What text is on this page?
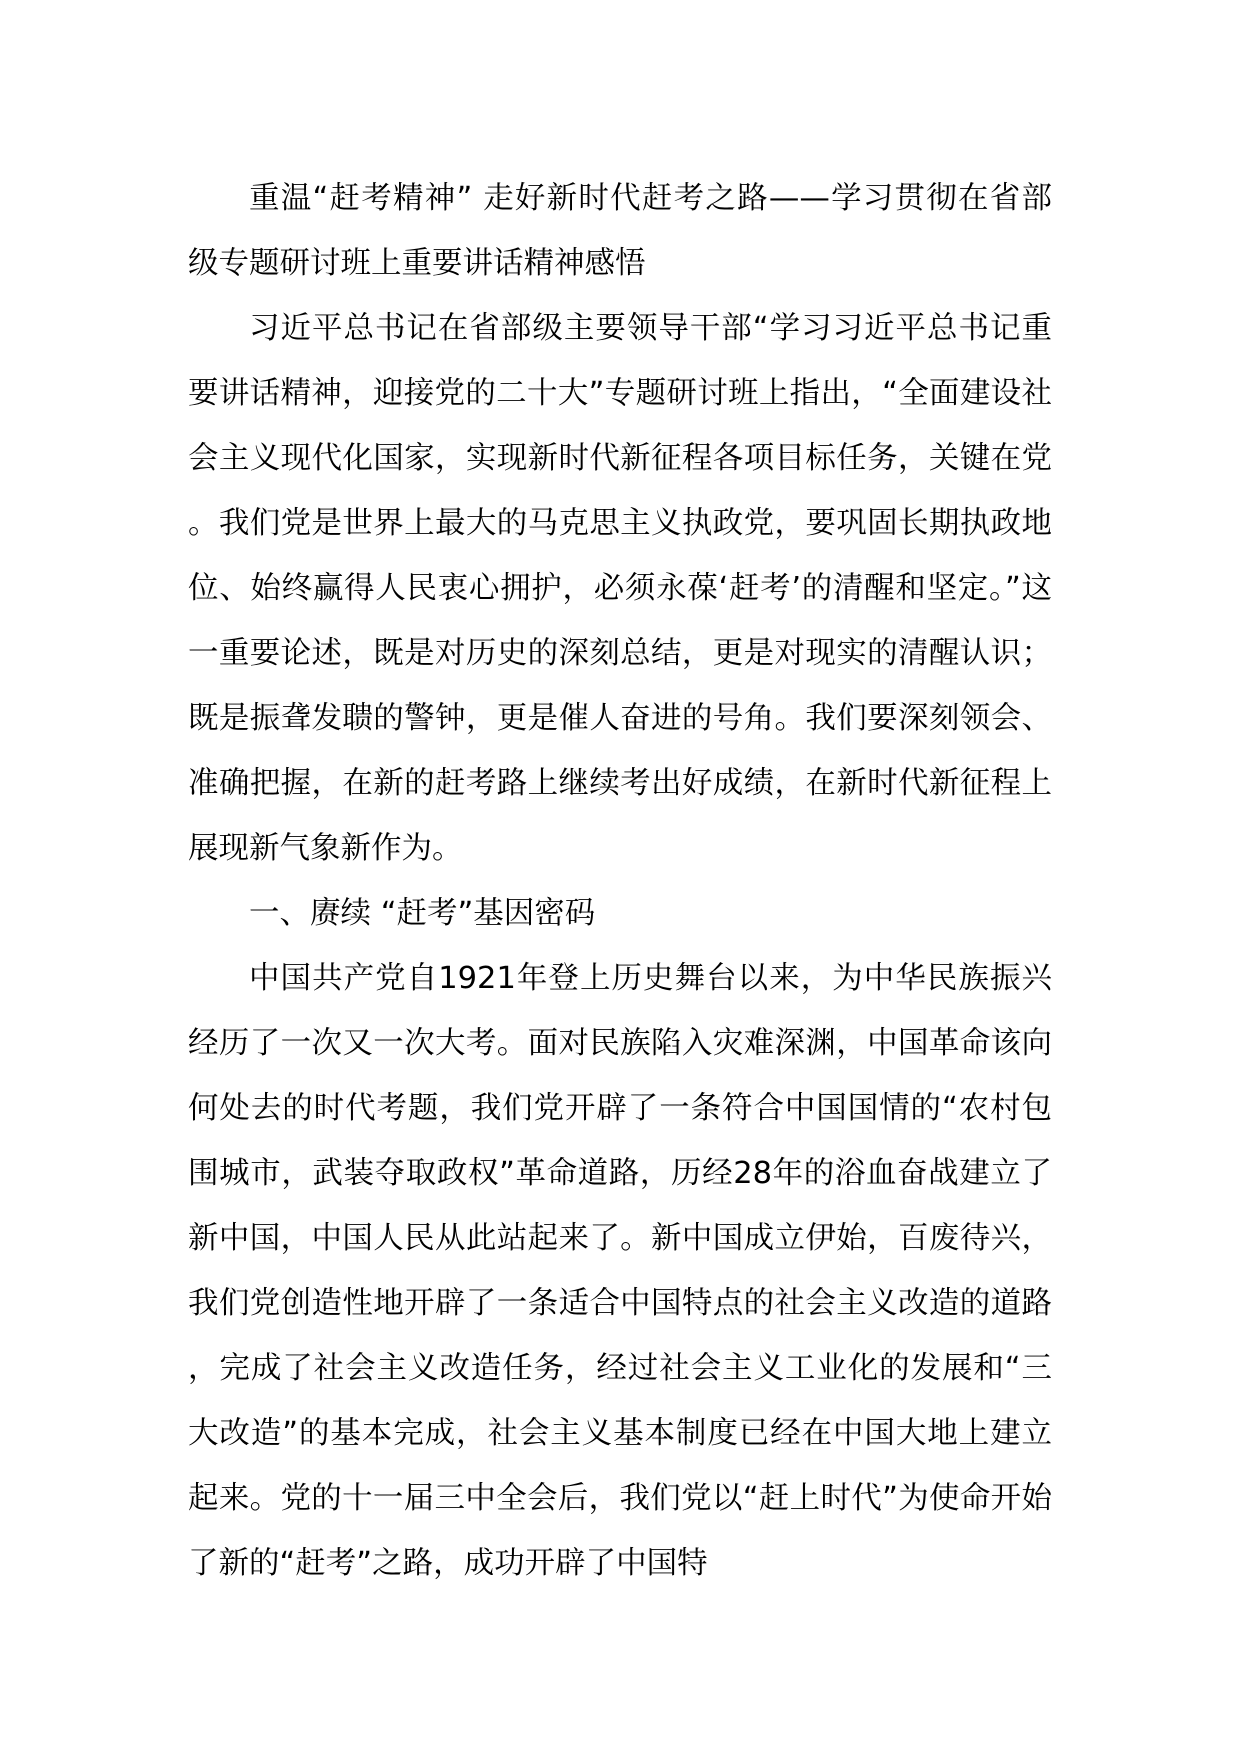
重温“赶考精神” 走好新时代赶考之路——学习贯彻在省部级专题研讨班上重要讲话精神感悟

习近平总书记在省部级主要领导干部“学习习近平总书记重要讲话精神，迎接党的二十大”专题研讨班上指出，“全面建设社会主义现代化国家，实现新时代新征程各项目标任务，关键在党。我们党是世界上最大的马克思主义执政党，要巩固长期执政地位、始终赢得人民衷心拥护，必须永葆‘赶考’的清醒和坚定。”这一重要论述，既是对历史的深刻总结，更是对现实的清醒认识；既是振聋发聩的警钟，更是催人奋进的号角。我们要深刻领会、准确把握，在新的赶考路上继续考出好成绩，在新时代新征程上展现新气象新作为。

一、赓续 “赶考”基因密码

中国共产党自1921年登上历史舞台以来，为中华民族振兴经历了一次又一次大考。面对民族陷入灾难深渊，中国革命该向何处去的时代考题，我们党开辟了一条符合中国国情的“农村包围城市，武装夺取政权”革命道路，历经28年的浴血奋战建立了新中国，中国人民从此站起来了。新中国成立伊始，百废待兴，我们党创造性地开辟了一条适合中国特点的社会主义改造的道路，完成了社会主义改造任务，经过社会主义工业化的发展和“三大改造”的基本完成，社会主义基本制度已经在中国大地上建立起来。党的十一届三中全会后，我们党以“赶上时代”为使命开始了新的“赶考”之路，成功开辟了中国特
